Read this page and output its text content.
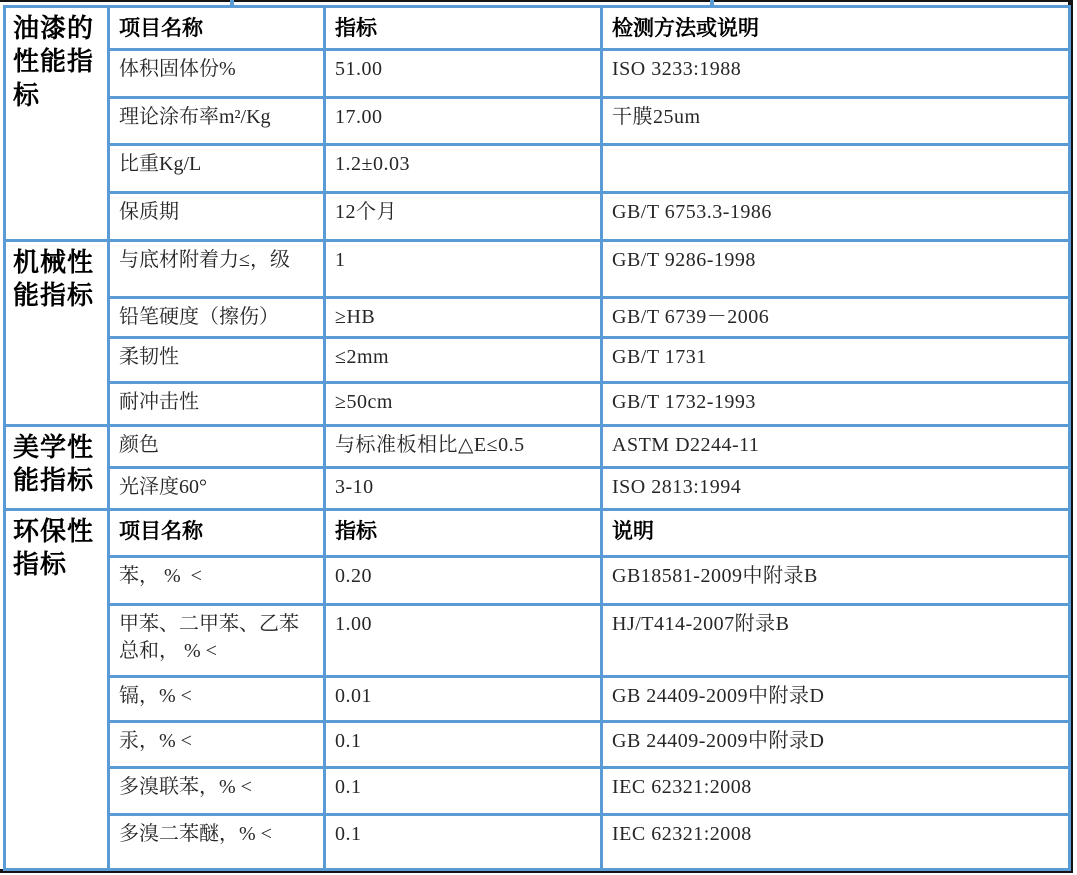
油漆的性能指标	项目名称	指标	检测方法或说明
	体积固体份%	51.00	ISO 3233:1988
	理论涂布率m²/Kg	17.00	干膜25um
	比重Kg/L	1.2±0.03	
	保质期	12个月	GB/T 6753.3-1986
机械性能指标	与底材附着力≤，级	1	GB/T 9286-1998
	铅笔硬度（擦伤）	≥HB	GB/T 6739－2006
	柔韧性	≤2mm	GB/T 1731
	耐冲击性	≥50cm	GB/T 1732-1993
美学性能指标	颜色	与标准板相比△E≤0.5	ASTM D2244-11
	光泽度60°	3-10	ISO 2813:1994
环保性指标	项目名称	指标	说明
	苯， %  <	0.20	GB18581-2009中附录B
	甲苯、二甲苯、乙苯总和， % <	1.00	HJ/T414-2007附录B
	镉，% <	0.01	GB 24409-2009中附录D
	汞，% <	0.1	GB 24409-2009中附录D
	多溴联苯，% <	0.1	IEC 62321:2008
	多溴二苯醚，% <	0.1	IEC 62321:2008
